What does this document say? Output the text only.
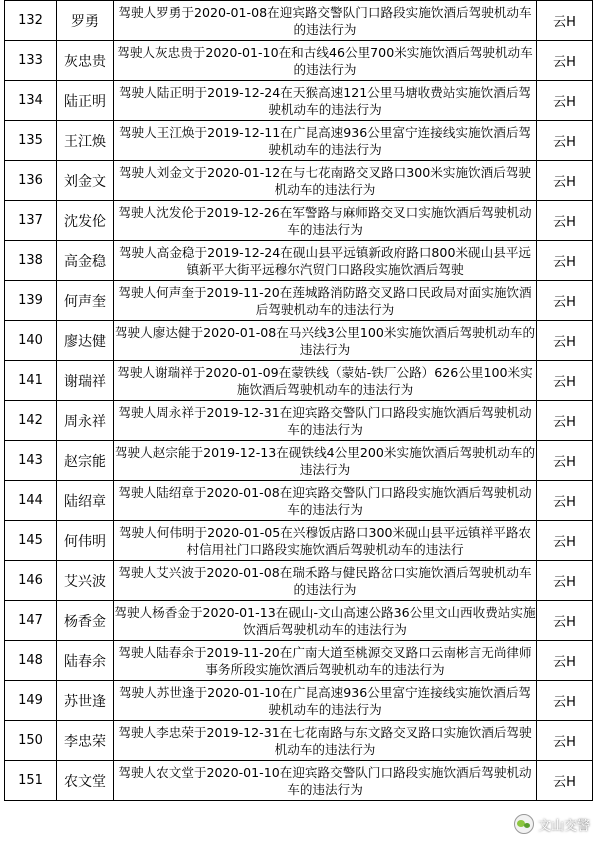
132	罗勇	驾驶人罗勇于2020-01-08在迎宾路交警队门口路段实施饮酒后驾驶机动车的违法行为	云H
133	灰忠贵	驾驶人灰忠贵于2020-01-10在和古线46公里700米实施饮酒后驾驶机动车的违法行为	云H
134	陆正明	驾驶人陆正明于2019-12-24在天猴高速121公里马塘收费站实施饮酒后驾驶机动车的违法行为	云H
135	王江焕	驾驶人王江焕于2019-12-11在广昆高速936公里富宁连接线实施饮酒后驾驶机动车的违法行为	云H
136	刘金文	驾驶人刘金文于2020-01-12在与七花南路交叉路口300米实施饮酒后驾驶机动车的违法行为	云H
137	沈发伦	驾驶人沈发伦于2019-12-26在军警路与麻师路交叉口实施饮酒后驾驶机动车的违法行为	云H
138	高金稳	驾驶人高金稳于2019-12-24在砚山县平远镇新政府路口800米砚山县平远镇新平大街平远穆尔汽贸门口路段实施饮酒后驾驶	云H
139	何声奎	驾驶人何声奎于2019-11-20在莲城路消防路交叉路口民政局对面实施饮酒后驾驶机动车的违法行为	云H
140	廖达健	驾驶人廖达健于2020-01-08在马兴线3公里100米实施饮酒后驾驶机动车的违法行为	云H
141	谢瑞祥	驾驶人谢瑞祥于2020-01-09在蒙铁线（蒙姑-铁厂公路）626公里100米实施饮酒后驾驶机动车的违法行为	云H
142	周永祥	驾驶人周永祥于2019-12-31在迎宾路交警队门口路段实施饮酒后驾驶机动车的违法行为	云H
143	赵宗能	驾驶人赵宗能于2019-12-13在砚铁线4公里200米实施饮酒后驾驶机动车的违法行为	云H
144	陆绍章	驾驶人陆绍章于2020-01-08在迎宾路交警队门口路段实施饮酒后驾驶机动车的违法行为	云H
145	何伟明	驾驶人何伟明于2020-01-05在兴穆饭店路口300米砚山县平远镇祥平路农村信用社门口路段实施饮酒后驾驶机动车的违法行	云H
146	艾兴波	驾驶人艾兴波于2020-01-08在瑞禾路与健民路岔口实施饮酒后驾驶机动车的违法行为	云H
147	杨香金	驾驶人杨香金于2020-01-13在砚山-文山高速公路36公里文山西收费站实施饮酒后驾驶机动车的违法行为	云H
148	陆春余	驾驶人陆春余于2019-11-20在广南大道至桃源交叉路口云南彬言无尚律师事务所段实施饮酒后驾驶机动车的违法行为	云H
149	苏世逢	驾驶人苏世逢于2020-01-10在广昆高速936公里富宁连接线实施饮酒后驾驶机动车的违法行为	云H
150	李忠荣	驾驶人李忠荣于2019-12-31在七花南路与东文路交叉路口实施饮酒后驾驶机动车的违法行为	云H
151	农文堂	驾驶人农文堂于2020-01-10在迎宾路交警队门口路段实施饮酒后驾驶机动车的违法行为	云H
文山交警
